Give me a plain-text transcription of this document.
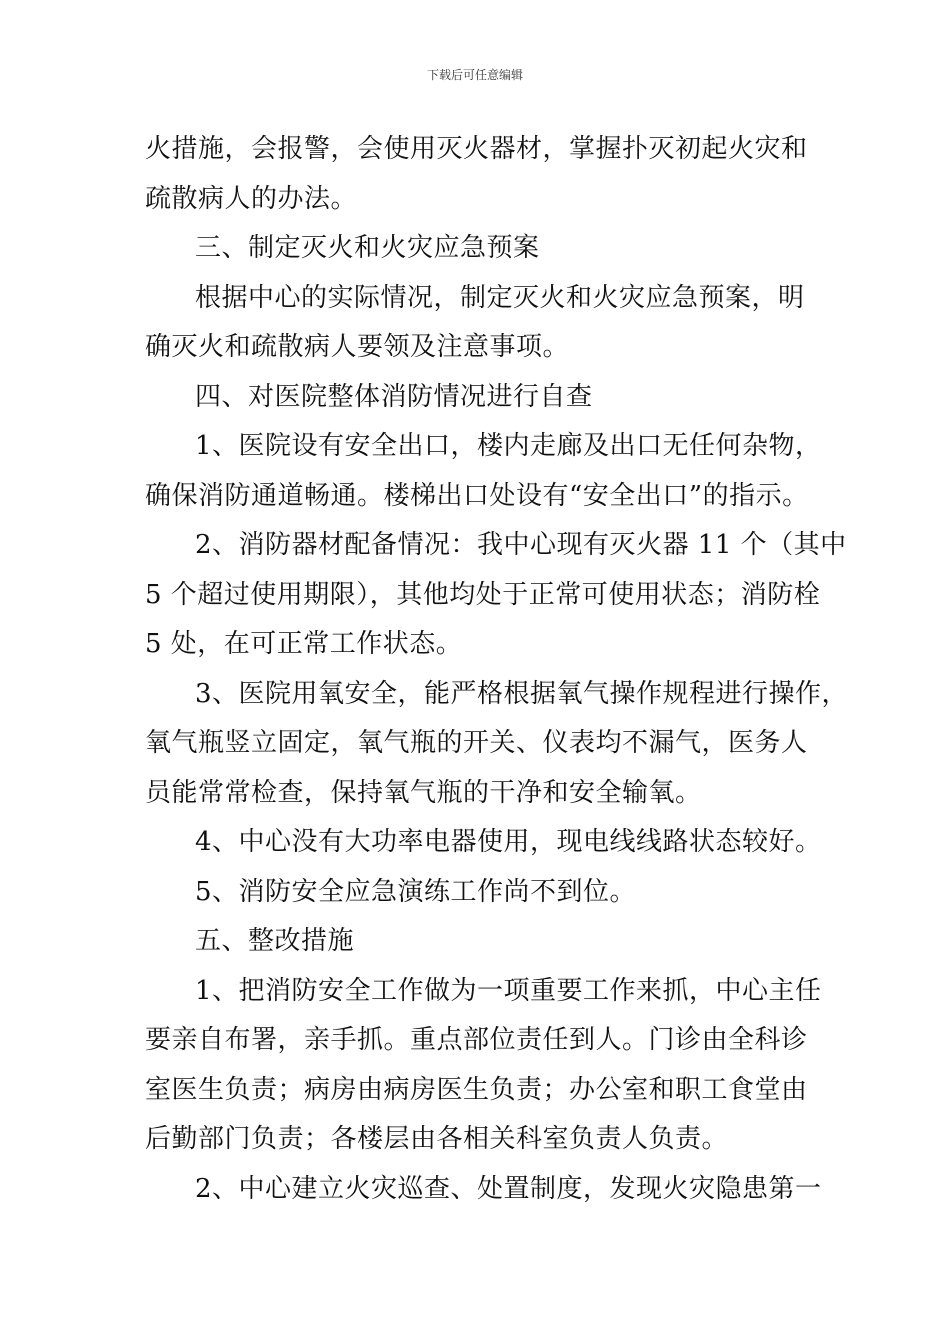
下载后可任意编辑
火措施，会报警，会使用灭火器材，掌握扑灭初起火灾和
疏散病人的办法。
三、制定灭火和火灾应急预案
根据中心的实际情况，制定灭火和火灾应急预案，明
确灭火和疏散病人要领及注意事项。
四、对医院整体消防情况进行自查
1、医院设有安全出口，楼内走廊及出口无任何杂物，
确保消防通道畅通。楼梯出口处设有“安全出口”的指示。
2、消防器材配备情况：我中心现有灭火器 11 个（其中
5 个超过使用期限），其他均处于正常可使用状态；消防栓
5 处，在可正常工作状态。
3、医院用氧安全，能严格根据氧气操作规程进行操作，
氧气瓶竖立固定，氧气瓶的开关、仪表均不漏气，医务人
员能常常检查，保持氧气瓶的干净和安全输氧。
4、中心没有大功率电器使用，现电线线路状态较好。
5、消防安全应急演练工作尚不到位。
五、整改措施
1、把消防安全工作做为一项重要工作来抓，中心主任
要亲自布署，亲手抓。重点部位责任到人。门诊由全科诊
室医生负责；病房由病房医生负责；办公室和职工食堂由
后勤部门负责；各楼层由各相关科室负责人负责。
2、中心建立火灾巡查、处置制度，发现火灾隐患第一
